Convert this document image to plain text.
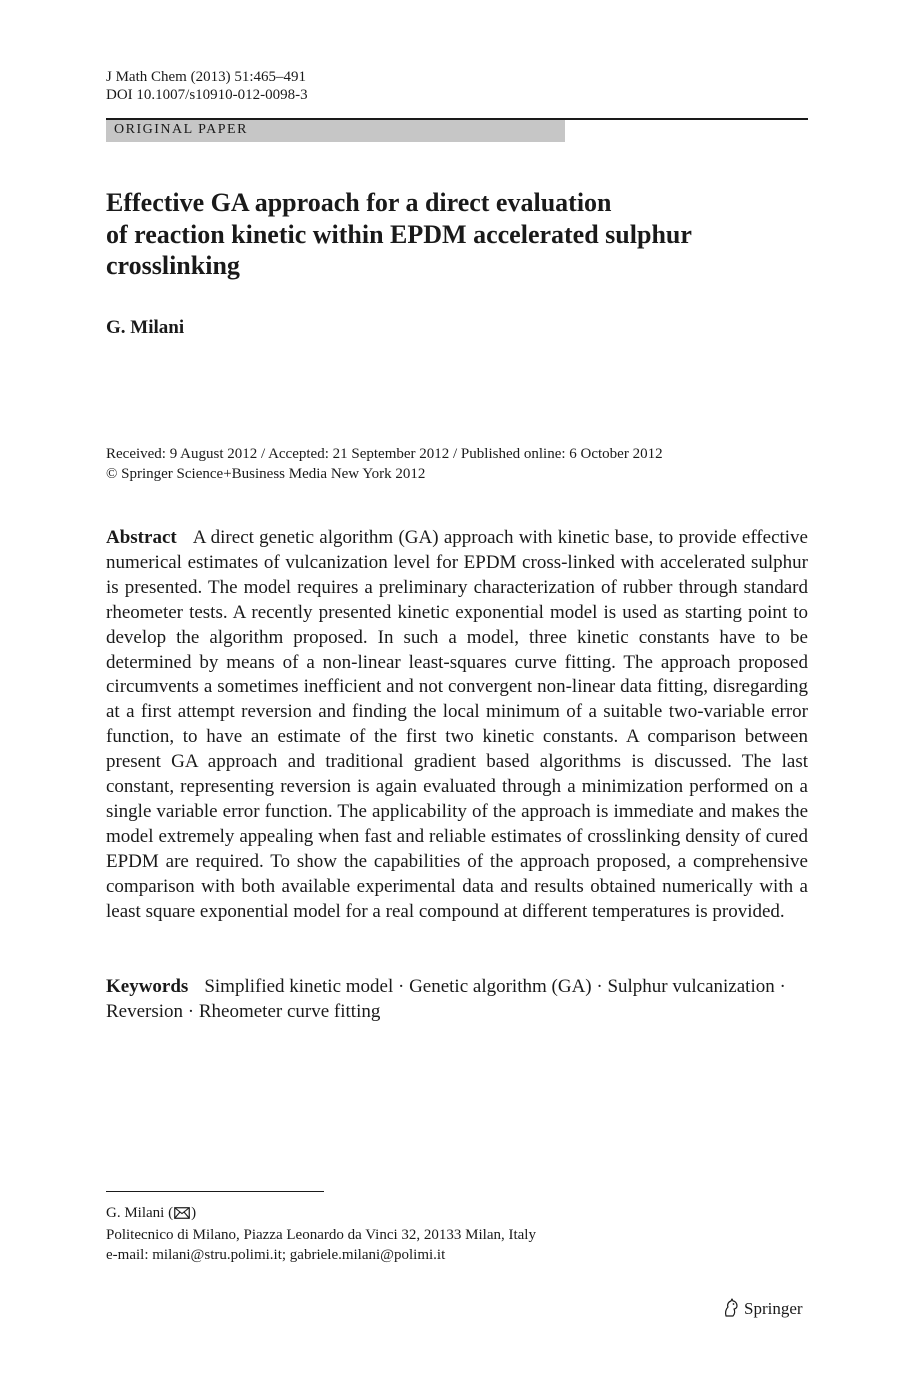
J Math Chem (2013) 51:465–491
DOI 10.1007/s10910-012-0098-3
ORIGINAL PAPER
Effective GA approach for a direct evaluation
of reaction kinetic within EPDM accelerated sulphur
crosslinking
G. Milani
Received: 9 August 2012 / Accepted: 21 September 2012 / Published online: 6 October 2012
© Springer Science+Business Media New York 2012

Abstract A direct genetic algorithm (GA) approach with kinetic base, to provide effective numerical estimates of vulcanization level for EPDM cross-linked with accelerated sulphur is presented. The model requires a preliminary characterization of rubber through standard rheometer tests. A recently presented kinetic exponential model is used as starting point to develop the algorithm proposed. In such a model, three kinetic constants have to be determined by means of a non-linear least-squares curve fitting. The approach proposed circumvents a sometimes inefficient and not convergent non-linear data fitting, disregarding at a first attempt reversion and finding the local minimum of a suitable two-variable error function, to have an estimate of the first two kinetic constants. A comparison between present GA approach and traditional gradient based algorithms is discussed. The last constant, representing reversion is again evaluated through a minimization performed on a single variable error function. The applicability of the approach is immediate and makes the model extremely appealing when fast and reliable estimates of crosslinking density of cured EPDM are required. To show the capabilities of the approach proposed, a comprehensive comparison with both available experimental data and results obtained numerically with a least square exponential model for a real compound at different temperatures is provided.

Keywords Simplified kinetic model · Genetic algorithm (GA) · Sulphur vulcanization · Reversion · Rheometer curve fitting

G. Milani ( )
Politecnico di Milano, Piazza Leonardo da Vinci 32, 20133 Milan, Italy
e-mail: milani@stru.polimi.it; gabriele.milani@polimi.it
Springer
